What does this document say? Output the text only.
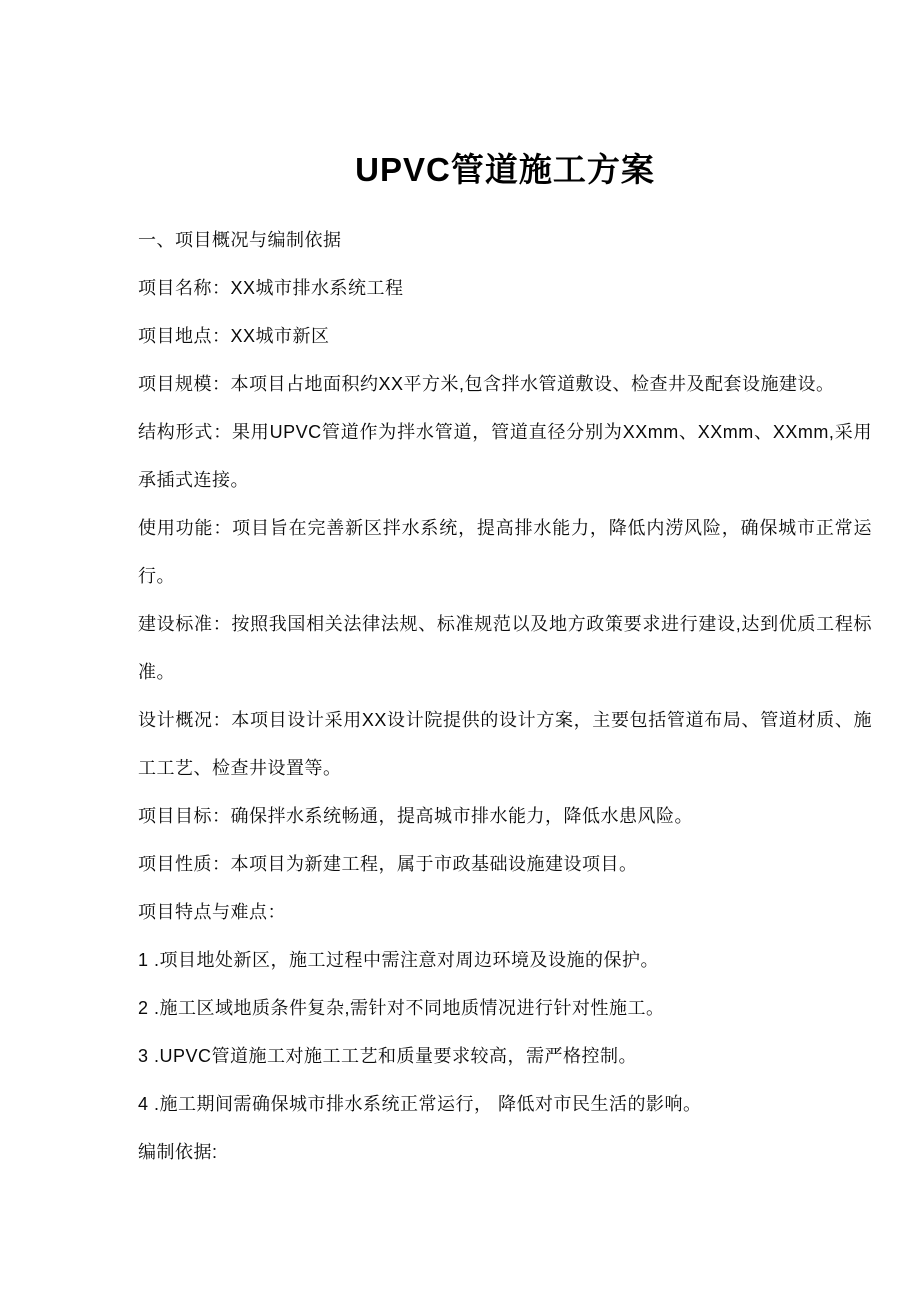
UPVC管道施工方案

一、项目概况与编制依据

项目名称：XX城市排水系统工程

项目地点：XX城市新区

项目规模：本项目占地面积约XX平方米,包含拌水管道敷设、检查井及配套设施建设。

结构形式：果用UPVC管道作为拌水管道，管道直径分别为XXmm、XXmm、XXmm,采用承插式连接。

使用功能：项目旨在完善新区拌水系统，提高排水能力，降低内涝风险，确保城市正常运行。

建设标准：按照我国相关法律法规、标准规范以及地方政策要求进行建设,达到优质工程标准。

设计概况：本项目设计采用XX设计院提供的设计方案，主要包括管道布局、管道材质、施工工艺、检查井设置等。

项目目标：确保拌水系统畅通，提高城市排水能力，降低水患风险。

项目性质：本项目为新建工程，属于市政基础设施建设项目。

项目特点与难点：

1 .项目地处新区，施工过程中需注意对周边环境及设施的保护。

2 .施工区域地质条件复杂,需针对不同地质情况进行针对性施工。

3 .UPVC管道施工对施工工艺和质量要求较高，需严格控制。

4 .施工期间需确保城市排水系统正常运行， 降低对市民生活的影响。

编制依据:
